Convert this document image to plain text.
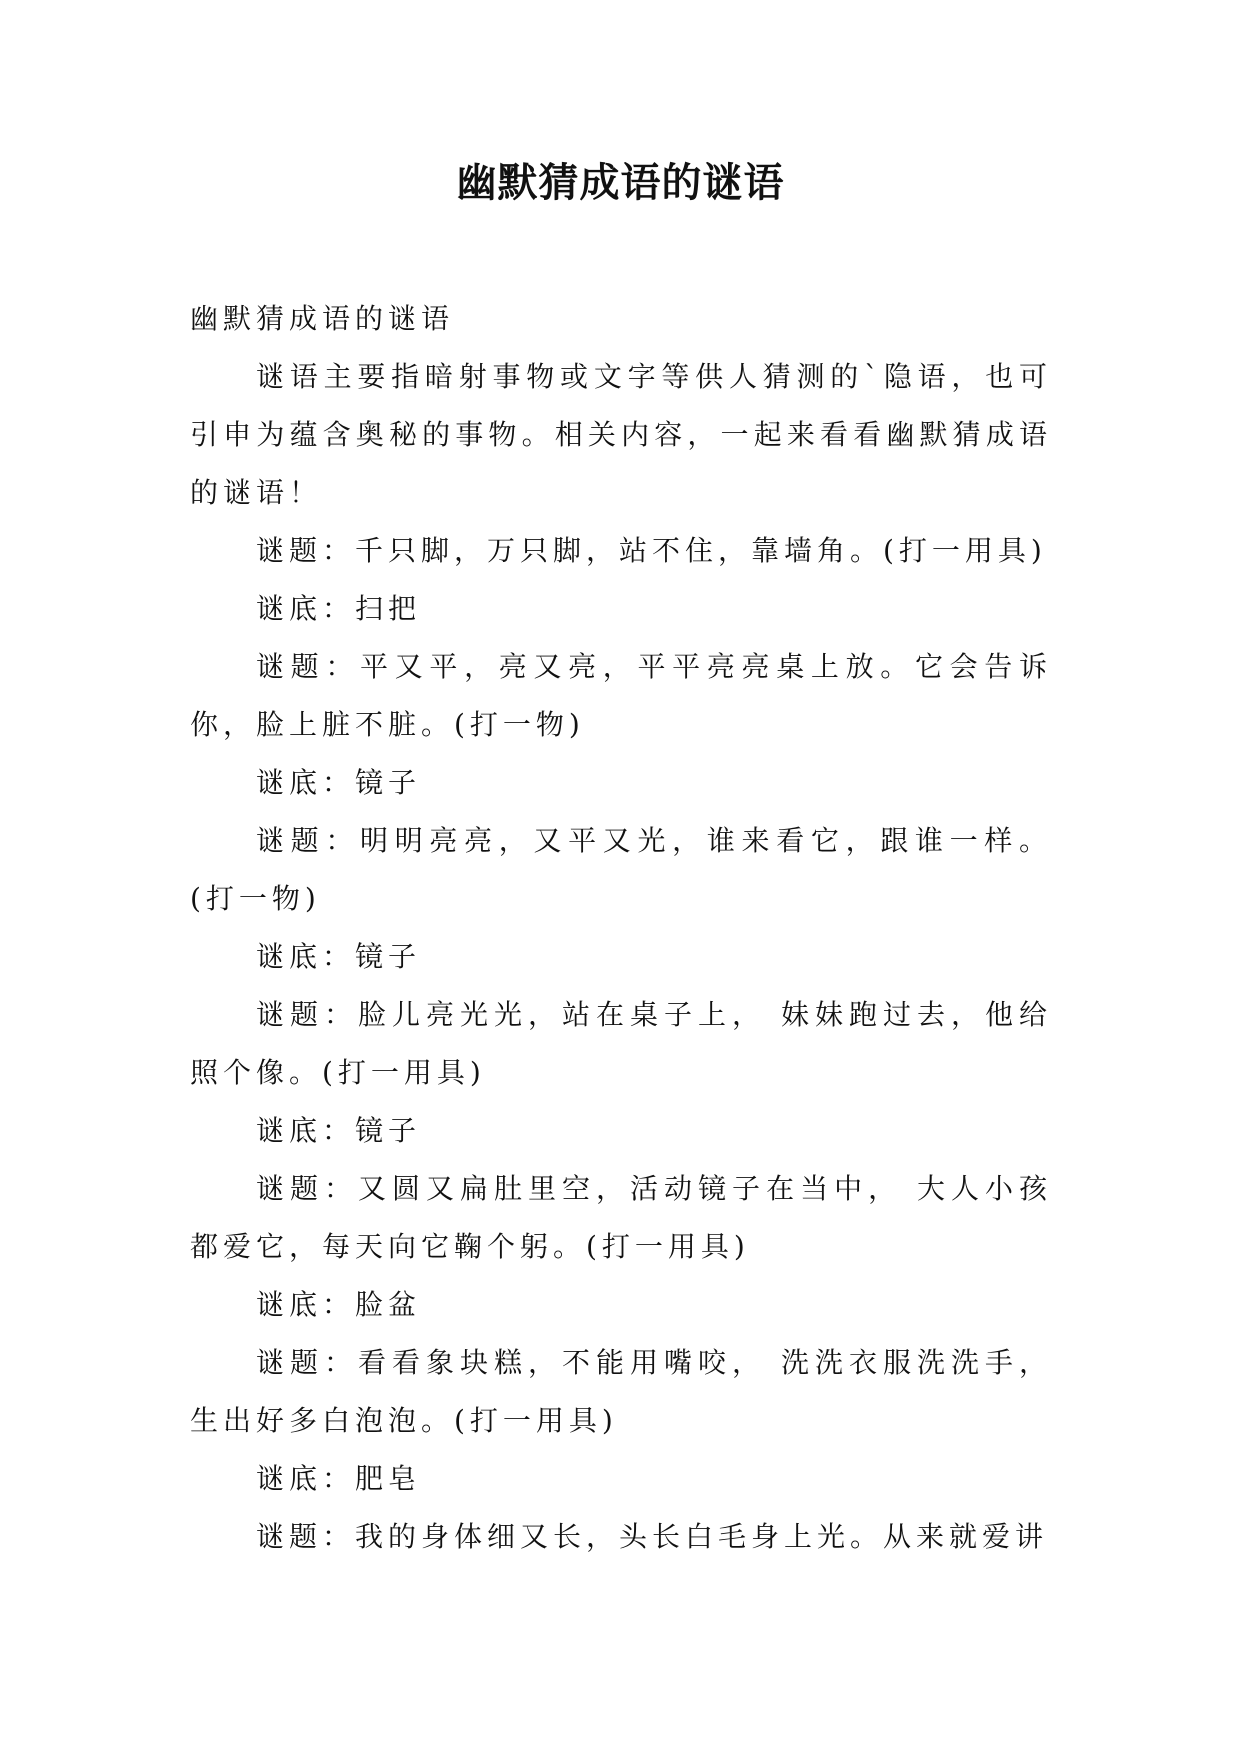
幽默猜成语的谜语

幽默猜成语的谜语

谜语主要指暗射事物或文字等供人猜测的`隐语，也可引申为蕴含奥秘的事物。相关内容，一起来看看幽默猜成语的谜语！

谜题：千只脚，万只脚，站不住，靠墙角。(打一用具)

谜底：扫把

谜题：平又平，亮又亮，平平亮亮桌上放。它会告诉你，脸上脏不脏。(打一物)

谜底：镜子

谜题：明明亮亮，又平又光，谁来看它，跟谁一样。 (打一物)

谜底：镜子

谜题：脸儿亮光光，站在桌子上， 妹妹跑过去，他给照个像。(打一用具)

谜底：镜子

谜题：又圆又扁肚里空，活动镜子在当中， 大人小孩都爱它，每天向它鞠个躬。(打一用具)

谜底：脸盆

谜题：看看象块糕，不能用嘴咬， 洗洗衣服洗洗手，生出好多白泡泡。(打一用具)

谜底：肥皂

谜题：我的身体细又长，头长白毛身上光。从来就爱讲
